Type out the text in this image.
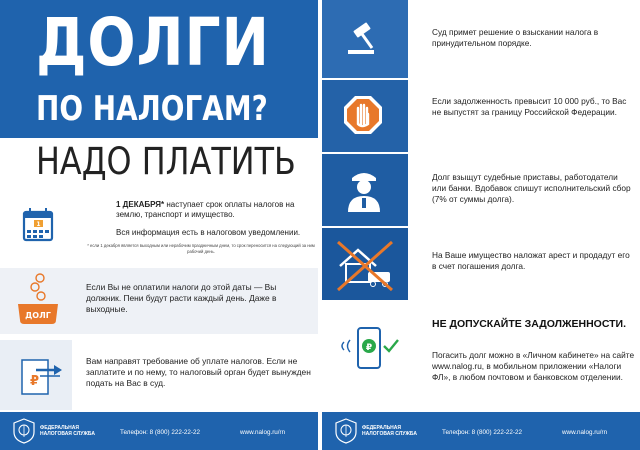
ДОЛГИ
ПО НАЛОГАМ?
НАДО ПЛАТИТЬ
1
1 ДЕКАБРЯ* наступает срок оплаты налогов на землю, транспорт и имущество.
Вся информация есть в налоговом уведомлении.
* если 1 декабря является выходным или нерабочим праздничным днем, то срок переносится на следующий за ним рабочий день.
ДОЛГ
Если Вы не оплатили налоги до этой даты — Вы должник. Пени будут расти каждый день. Даже в выходные.
₽
Вам направят требование об уплате налогов. Если не заплатите и по нему, то налоговый орган будет вынужден подать на Вас в суд.
ФЕДЕРАЛЬНАЯ
НАЛОГОВАЯ СЛУЖБА	Телефон: 8 (800) 222-22-22	www.nalog.ru/rn
Суд примет решение о взыскании налога в принудительном порядке.
Если задолженность превысит 10 000 руб., то Вас не выпустят за границу Российской Федерации.
Долг взыщут судебные приставы, работодатели или банки. Вдобавок спишут исполнительский сбор (7% от суммы долга).
На Ваше имущество наложат арест и продадут его в счет погашения долга.
₽
НЕ ДОПУСКАЙТЕ ЗАДОЛЖЕННОСТИ.
Погасить долг можно в «Личном кабинете» на сайте www.nalog.ru, в мобильном приложении «Налоги ФЛ», в любом почтовом и банковском отделении.
ФЕДЕРАЛЬНАЯ
НАЛОГОВАЯ СЛУЖБА	Телефон: 8 (800) 222-22-22	www.nalog.ru/rn
